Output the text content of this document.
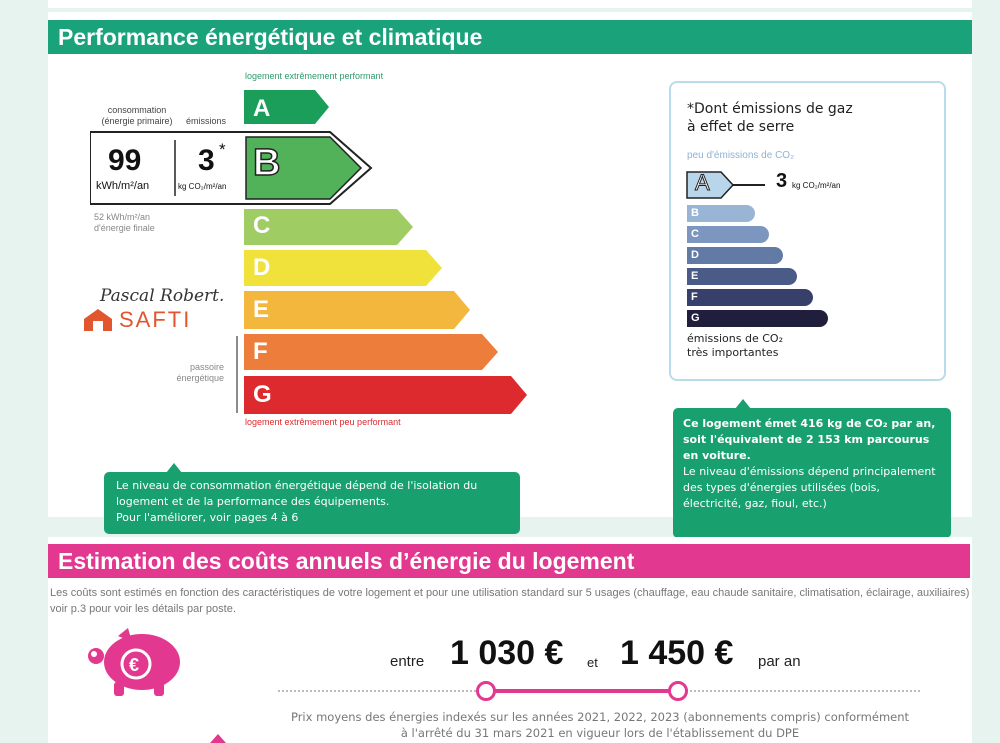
Performance énergétique et climatique
logement extrêmement performant
consommation
(énergie primaire)	émissions A
B
C
D
E
F
G
99
kWh/m²/an
3 *
kg CO₂/m²/an
52 kWh/m²/an
d'énergie finale
Pascal Robert.
SAFTI
passoire
énergétique
logement extrêmement peu performant
Le niveau de consommation énergétique dépend de l'isolation du logement et de la performance des équipements.
Pour l'améliorer, voir pages 4 à 6
*Dont émissions de gaz
à effet de serre
peu d'émissions de CO₂
A	3 kg CO₂/m²/an
B
C
D
E
F
G
émissions de CO₂
très importantes
Ce logement émet 416 kg de CO₂ par an, soit l'équivalent de 2 153 km parcourus en voiture.
Le niveau d'émissions dépend principalement des types d'énergies utilisées (bois, électricité, gaz, fioul, etc.)
Estimation des coûts annuels d’énergie du logement
Les coûts sont estimés en fonction des caractéristiques de votre logement et pour une utilisation standard sur 5 usages (chauffage, eau chaude sanitaire, climatisation, éclairage, auxiliaires) voir p.3 pour voir les détails par poste.
€	entre 1 030 € et 1 450 € par an
Prix moyens des énergies indexés sur les années 2021, 2022, 2023 (abonnements compris) conformément
à l'arrêté du 31 mars 2021 en vigueur lors de l'établissement du DPE
